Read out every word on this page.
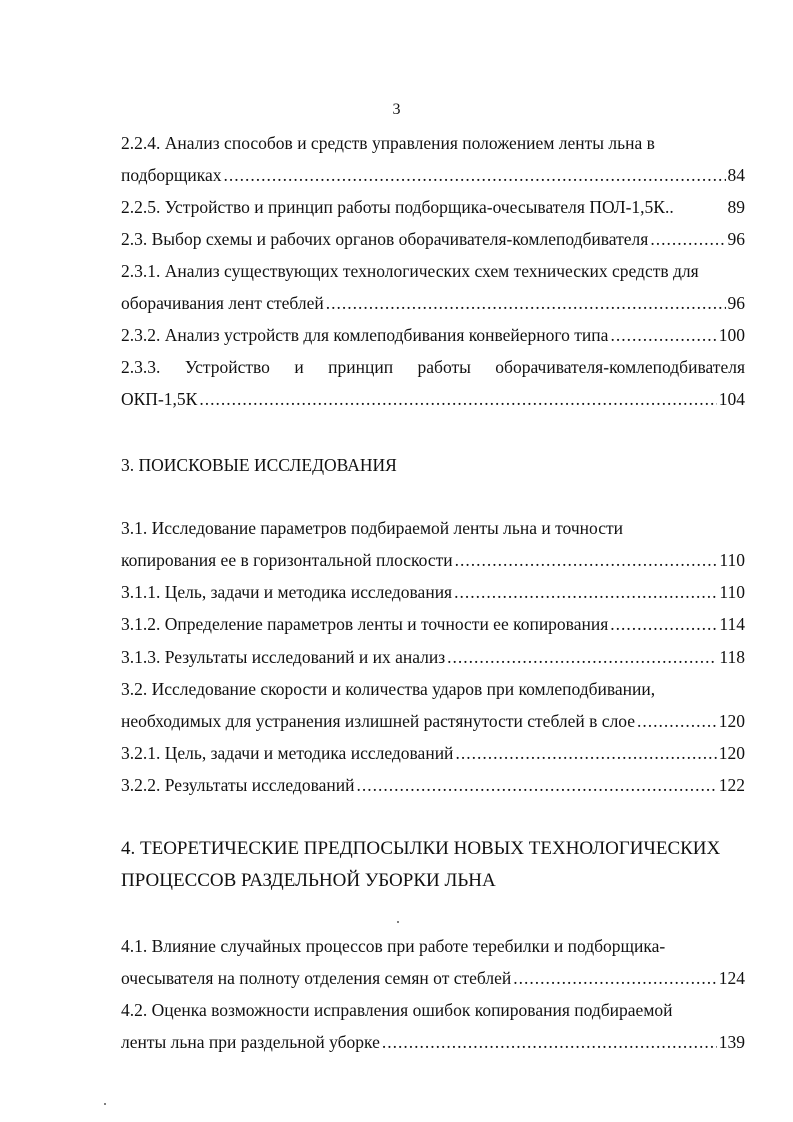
3
2.2.4. Анализ способов и средств управления положением ленты льна в
подборщиках .....	84
2.2.5. Устройство и принцип работы подборщика-очесывателя ПОЛ-1,5К..	89
2.3. Выбор схемы и рабочих органов оборачивателя-комлеподбивателя .....	96
2.3.1. Анализ существующих технологических схем технических средств для
оборачивания лент стеблей .....	96
2.3.2. Анализ устройств для комлеподбивания конвейерного типа .....	100
2.3.3. Устройство и принцип работы оборачивателя-комлеподбивателя
ОКП-1,5К .....	104
3. ПОИСКОВЫЕ ИССЛЕДОВАНИЯ
3.1. Исследование параметров подбираемой ленты льна и точности
копирования ее в горизонтальной плоскости .....	110
3.1.1. Цель, задачи и методика исследования .....	110
3.1.2. Определение параметров ленты и точности ее копирования .....	114
3.1.3. Результаты исследований и их анализ .....	118
3.2. Исследование скорости и количества ударов при комлеподбивании,
необходимых для устранения излишней растянутости стеблей в слое .....	120
3.2.1. Цель, задачи и методика исследований .....	120
3.2.2. Результаты исследований .....	122
4. ТЕОРЕТИЧЕСКИЕ ПРЕДПОСЫЛКИ НОВЫХ ТЕХНОЛОГИЧЕСКИХ
ПРОЦЕССОВ РАЗДЕЛЬНОЙ УБОРКИ ЛЬНА
4.1. Влияние случайных процессов при работе теребилки и подборщика-
очесывателя на полноту отделения семян от стеблей .....	124
4.2. Оценка возможности исправления ошибок копирования подбираемой
ленты льна при раздельной уборке .....	139
